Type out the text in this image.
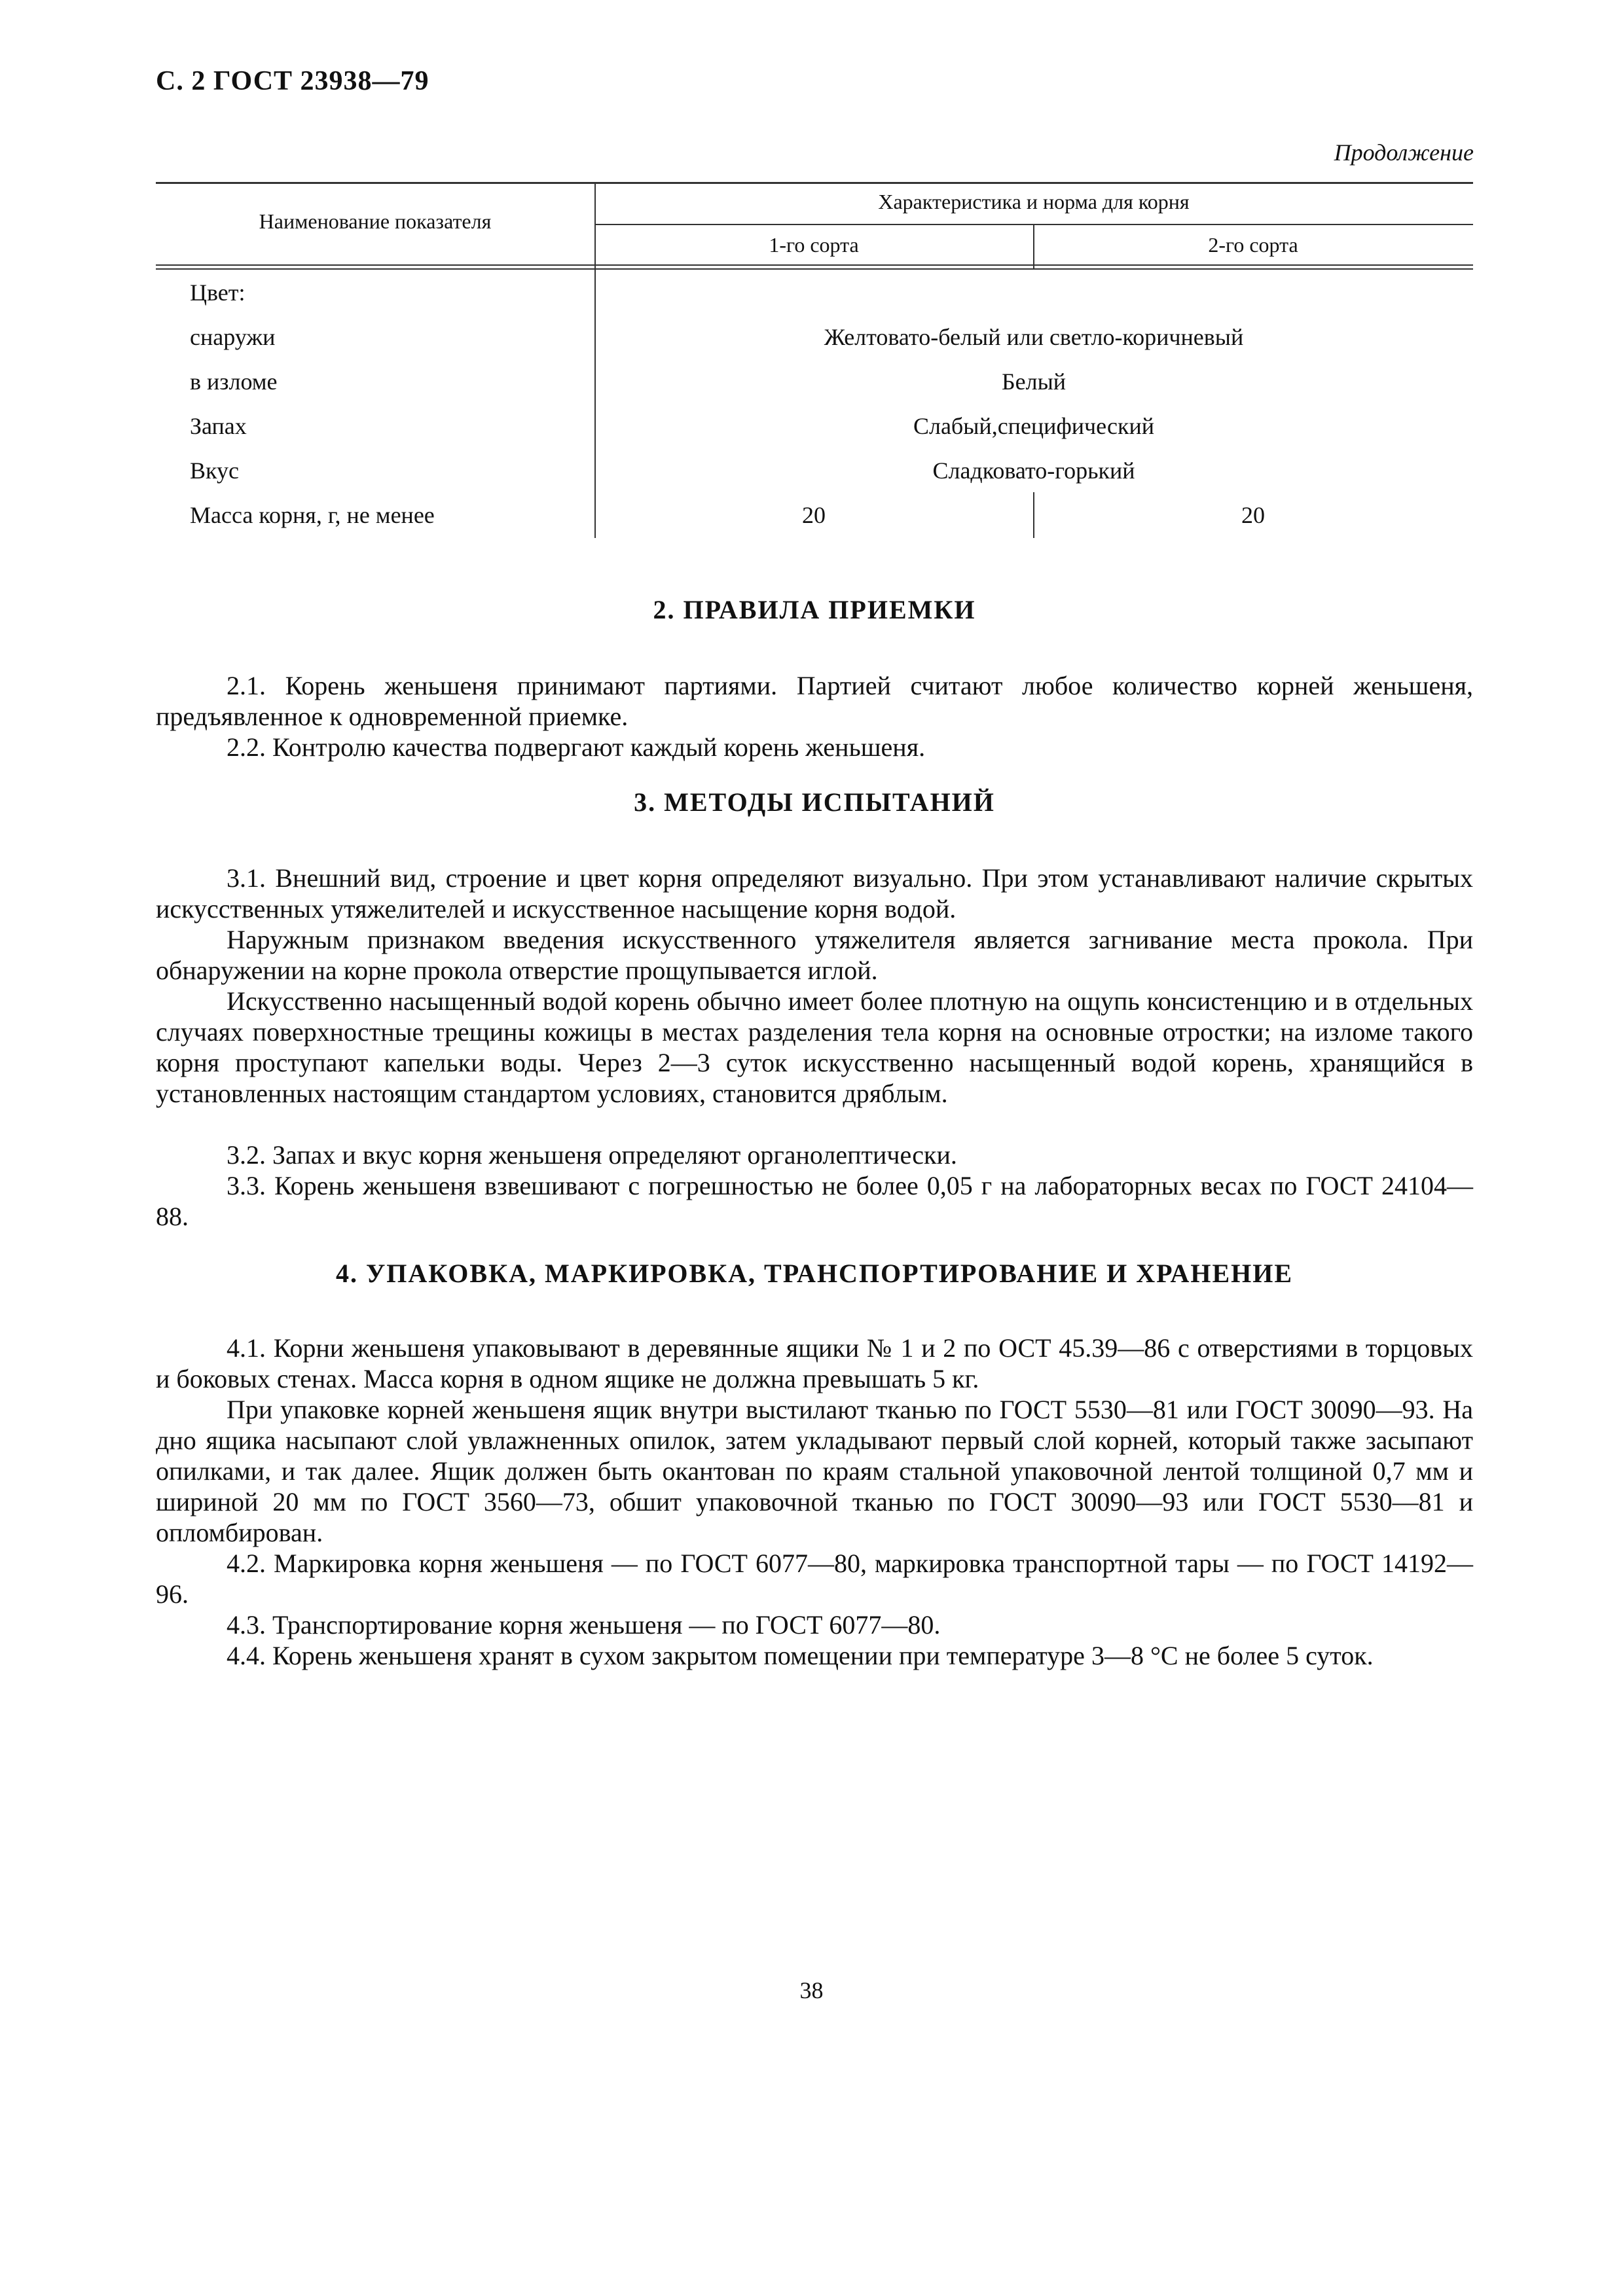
С. 2 ГОСТ 23938—79
Продолжение
Наименование показателя
Характеристика и норма для корня
1-го сорта	2-го сорта
Цвет:
снаружи	Желтовато-белый или светло-коричневый
в изломе	Белый
Запах	Слабый,специфический
Вкус	Сладковато-горький
Масса корня, г, не менее	20	20
2. ПРАВИЛА ПРИЕМКИ

2.1. Корень женьшеня принимают партиями. Партией считают любое количество корней женьшеня, предъявленное к одновременной приемке.

2.2. Контролю качества подвергают каждый корень женьшеня.

3. МЕТОДЫ ИСПЫТАНИЙ

3.1. Внешний вид, строение и цвет корня определяют визуально. При этом устанавливают наличие скрытых искусственных утяжелителей и искусственное насыщение корня водой.

Наружным признаком введения искусственного утяжелителя является загнивание места прокола. При обнаружении на корне прокола отверстие прощупывается иглой.

Искусственно насыщенный водой корень обычно имеет более плотную на ощупь консистенцию и в отдельных случаях поверхностные трещины кожицы в местах разделения тела корня на основные отростки; на изломе такого корня проступают капельки воды. Через 2—3 суток искусственно насыщенный водой корень, хранящийся в установленных настоящим стандартом условиях, становится дряблым.

3.2. Запах и вкус корня женьшеня определяют органолептически.

3.3. Корень женьшеня взвешивают с погрешностью не более 0,05 г на лабораторных весах по ГОСТ 24104—88.

4. УПАКОВКА, МАРКИРОВКА, ТРАНСПОРТИРОВАНИЕ И ХРАНЕНИЕ

4.1. Корни женьшеня упаковывают в деревянные ящики № 1 и 2 по ОСТ 45.39—86 с отверстиями в торцовых и боковых стенах. Масса корня в одном ящике не должна превышать 5 кг.

При упаковке корней женьшеня ящик внутри выстилают тканью по ГОСТ 5530—81 или ГОСТ 30090—93. На дно ящика насыпают слой увлажненных опилок, затем укладывают первый слой корней, который также засыпают опилками, и так далее. Ящик должен быть окантован по краям стальной упаковочной лентой толщиной 0,7 мм и шириной 20 мм по ГОСТ 3560—73, обшит упаковочной тканью по ГОСТ 30090—93 или ГОСТ 5530—81 и опломбирован.

4.2. Маркировка корня женьшеня — по ГОСТ 6077—80, маркировка транспортной тары — по ГОСТ 14192—96.

4.3. Транспортирование корня женьшеня — по ГОСТ 6077—80.

4.4. Корень женьшеня хранят в сухом закрытом помещении при температуре 3—8 °С не более 5 суток.

38
